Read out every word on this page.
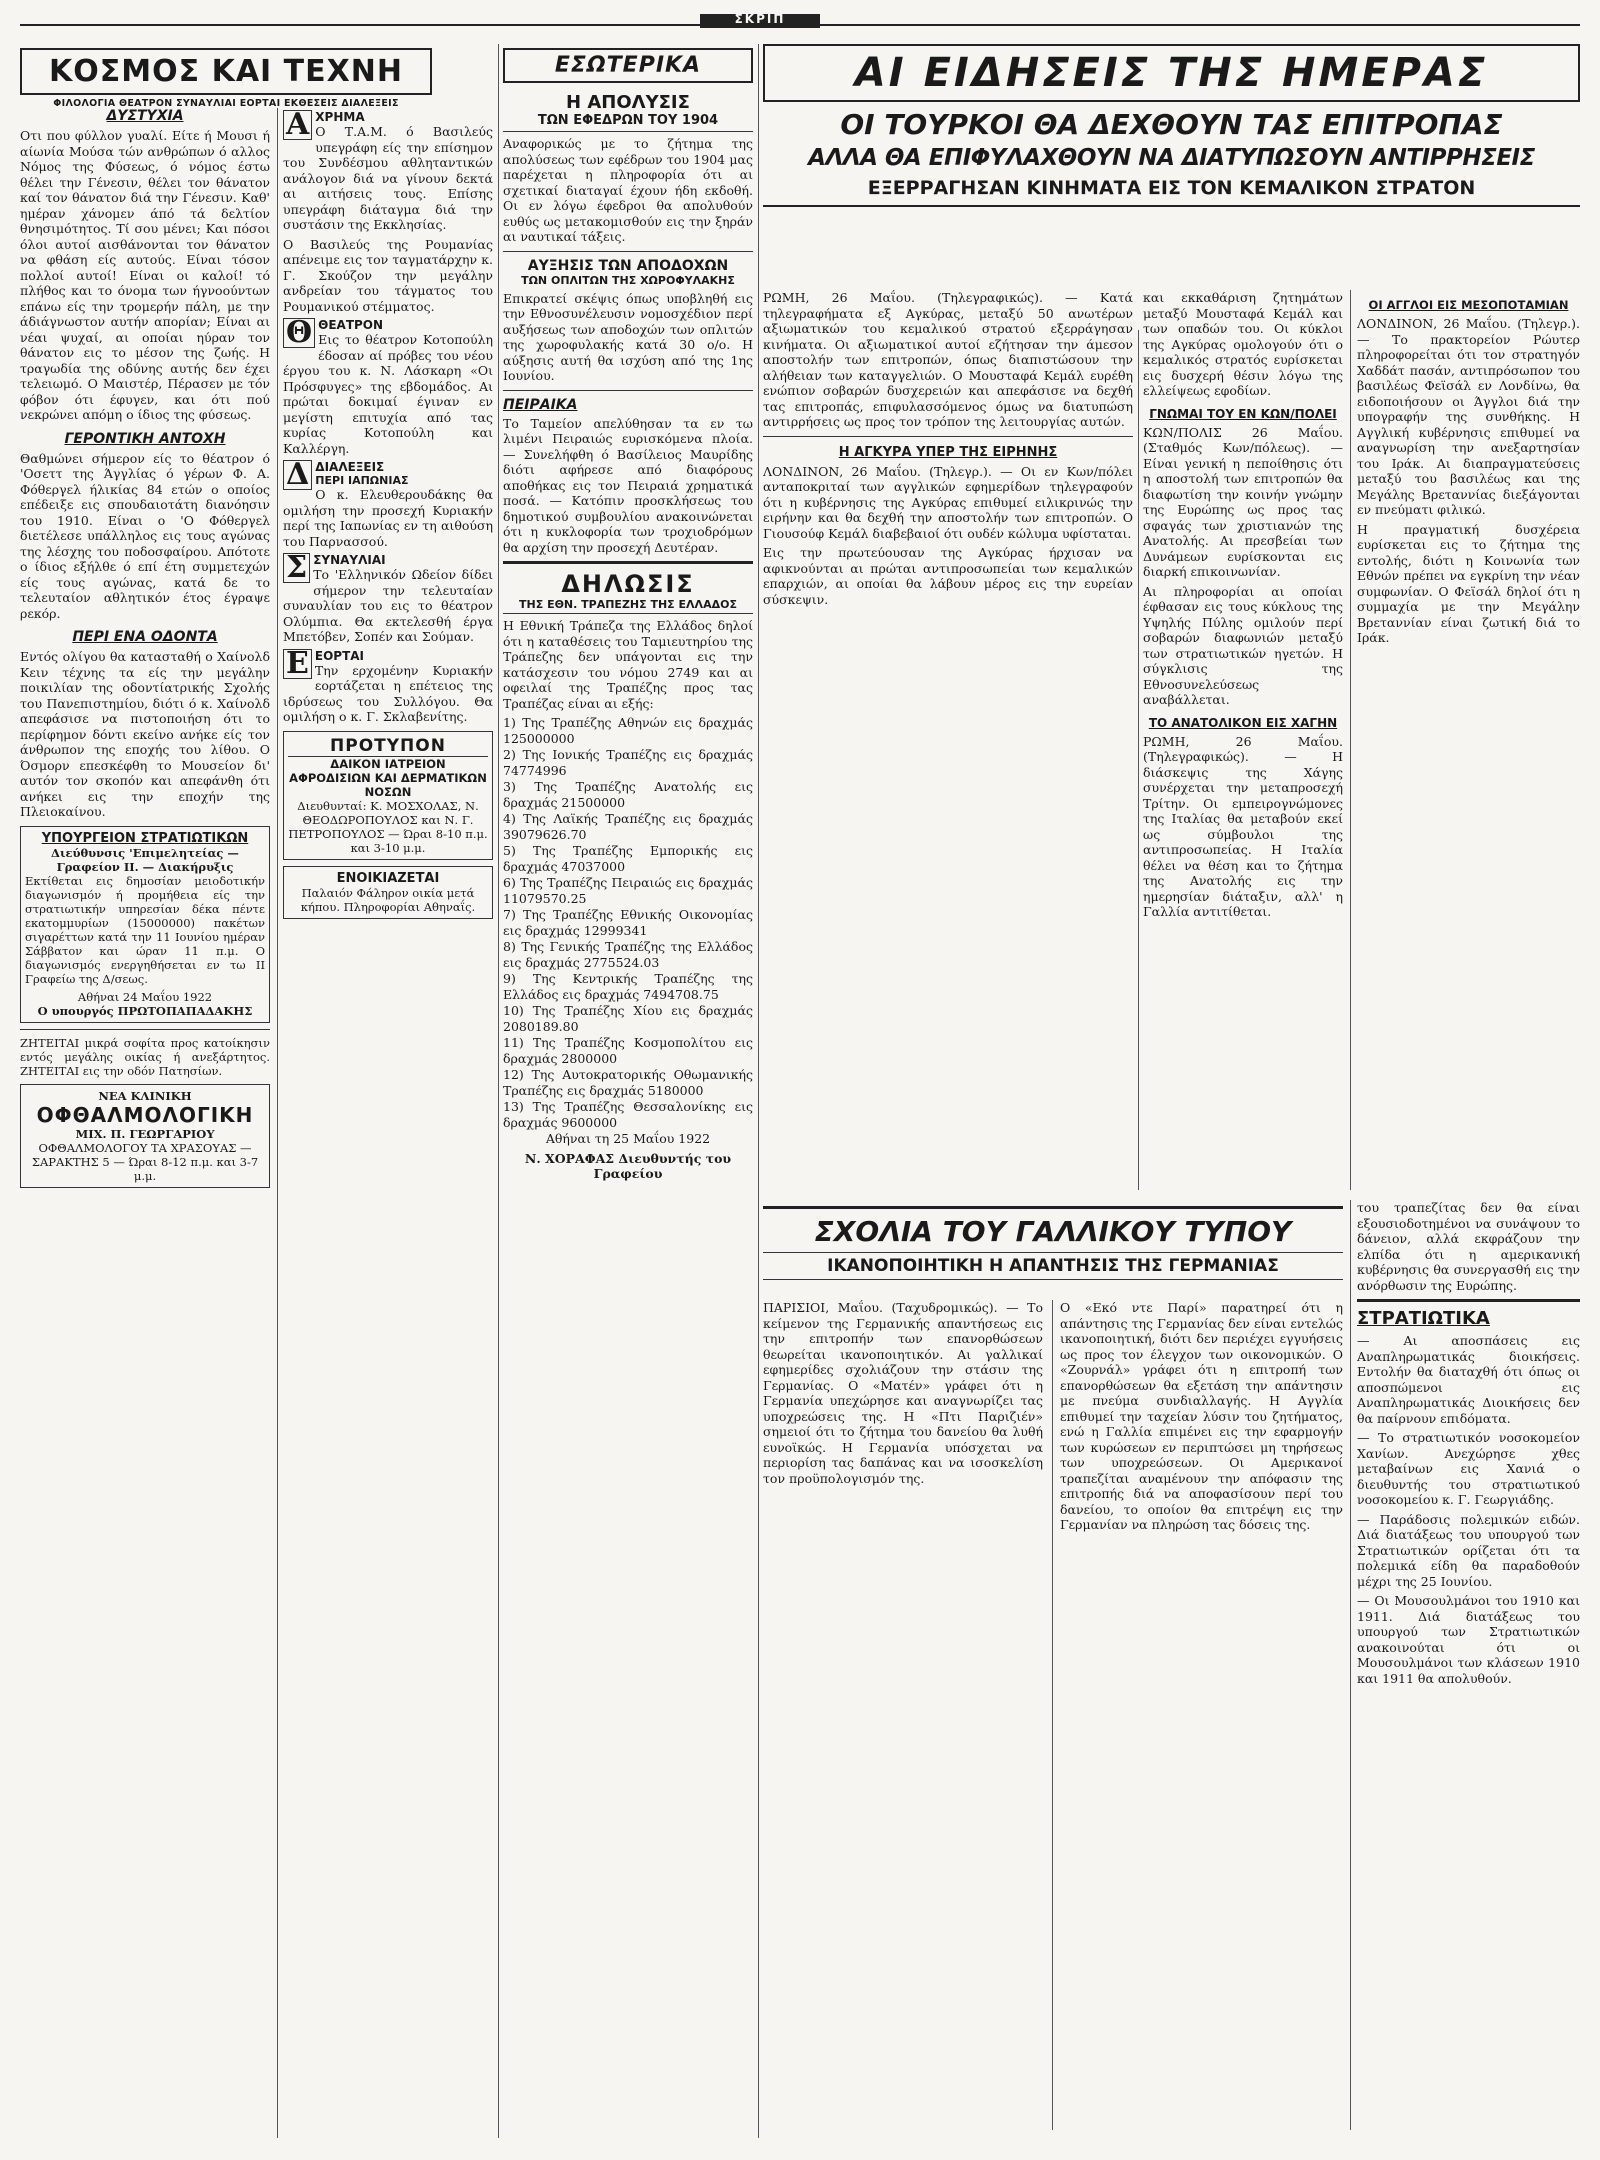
ΣΚΡΙΠ
ΚΟΣΜΟΣ ΚΑΙ ΤΕΧΝΗ
ΦΙΛΟΛΟΓΙΑ ΘΕΑΤΡΟΝ ΣΥΝΑΥΛΙΑΙ ΕΟΡΤΑΙ ΕΚΘΕΣΕΙΣ ΔΙΑΛΕΞΕΙΣ
ΕΣΩΤΕΡΙΚΑ	ΑΙ ΕΙΔΗΣΕΙΣ ΤΗΣ ΗΜΕΡΑΣ
ΔΥΣΤΥΧΙΑ

Οτι που φύλλον γυαλί. Είτε ή Μουσι ή αίωνία Μούσα τών ανθρώπων ό αλλος Νόμος της Φύσεως, ό νόμος έστω θέλει την Γένεσιν, θέλει τον θάνατον καί τον θάνατον διά την Γένεσιν. Καθ' ημέραν χάνομεν άπό τά δελτίον θνησιμότητος. Τί σου μένει; Και πόσοι όλοι αυτοί αισθάνονται τον θάνατον να φθάση είς αυτούς. Είναι τόσον πολλοί αυτοί! Είναι οι καλοί! τό πλήθος και το όνομα των ήγνοούντων επάνω είς την τρομερήν πάλη, με την άδιάγνωστον αυτήν απορίαν; Είναι αι νέαι ψυχαί, αι οποίαι ηύραν τον θάνατον εις το μέσον της ζωής. Η τραγωδία της οδύνης αυτής δεν έχει τελειωμό. Ο Μαιστέρ, Πέρασεν με τόν φόβον ότι έφυγεν, και ότι πού νεκρώνει απόμη ο ίδιος της φύσεως.

ΓΕΡΟΝΤΙΚΗ ΑΝΤΟΧΗ

Θαθμώνει σήμερον είς το θέατρον ό 'Οσεττ της Άγγλίας ό γέρων Φ. Α. Φόθεργελ ήλικίας 84 ετών ο οποίος επέδειξε εις σπουδαιοτάτη διανόησιν του 1910. Είναι ο 'Ο Φόθεργελ διετέλεσε υπάλληλος εις τους αγώνας της λέσχης του ποδοσφαίρου. Απότοτε ο ίδιος εξήλθε ό επί έτη συμμετεχών είς τους αγώνας, κατά δε το τελευταίον αθλητικόν έτος έγραψε ρεκόρ.

ΠΕΡΙ ΕΝΑ ΟΔΟΝΤΑ

Εντός ολίγου θα κατασταθή ο Χαίνολδ Κειν τέχνης τα είς την μεγάλην ποικιλίαν της οδοντίατρικής Σχολής του Πανεπιστημίου, διότι ό κ. Χαίνολδ απεφάσισε να πιστοποιήση ότι το περίφημον δόντι εκείνο ανήκε είς τον άνθρωπον της εποχής του λίθου. Ο Όσμορν επεσκέφθη το Μουσείον δι' αυτόν τον σκοπόν και απεφάνθη ότι ανήκει εις την εποχήν της Πλειοκαίνου.

ΥΠΟΥΡΓΕΙΟΝ ΣΤΡΑΤΙΩΤΙΚΩΝ
Διεύθυνσις 'Επιμελητείας — Γραφείον ΙΙ. — Διακήρυξις

Εκτίθεται εις δημοσίαν μειοδοτικήν διαγωνισμόν ή προμήθεια είς την στρατιωτικήν υπηρεσίαν δέκα πέντε εκατομμυρίων (15000000) πακέτων σιγαρέττων κατά την 11 Ιουνίου ημέραν Σάββατον και ώραν 11 π.μ. Ο διαγωνισμός ενεργηθήσεται εν τω ΙΙ Γραφείω της Δ/σεως.

Αθήναι 24 Μαΐου 1922
Ο υπουργός ΠΡΩΤΟΠΑΠΑΔΑΚΗΣ

ΖΗΤΕΙΤΑΙ μικρά σοφίτα προς κατοίκησιν εντός μεγάλης οικίας ή ανεξάρτητος. ΖΗΤΕΙΤΑΙ εις την οδόν Πατησίων.

ΝΕΑ ΚΛΙΝΙΚΗ
ΟΦΘΑΛΜΟΛΟΓΙΚΗ
ΜΙΧ. Π. ΓΕΩΡΓΑΡΙΟΥ
ΟΦΘΑΛΜΟΛΟΓΟΥ ΤΑ ΧΡΑΣΟΥΑΣ — ΣΑΡΑΚΤΗΣ 5 — Ώραι 8-12 π.μ. και 3-7 μ.μ.
Α ΧΡΗΜΑ

Ο Τ.Α.Μ. ό Βασιλεύς υπεγράφη είς την επίσημον του Συνδέσμου αθληταντικών ανάλογον διά να γίνουν δεκτά αι αιτήσεις τους. Επίσης υπεγράφη διάταγμα διά την συστάσιν της Εκκλησίας.

Ο Βασιλεύς της Ρουμανίας απένειμε εις τον ταγματάρχην κ. Γ. Σκούζον την μεγάλην ανδρείαν του τάγματος του Ρουμανικού στέμματος.

Θ ΘΕΑΤΡΟΝ

Εις το θέατρον Κοτοπούλη έδοσαν αί πρόβες του νέου έργου του κ. Ν. Λάσκαρη «Οι Πρόσφυγες» της εβδομάδος. Αι πρώται δοκιμαί έγιναν εν μεγίστη επιτυχία από τας κυρίας Κοτοπούλη και Καλλέργη.

Δ ΔΙΑΛΕΞΕΙΣ
ΠΕΡΙ ΙΑΠΩΝΙΑΣ

Ο κ. Ελευθερουδάκης θα ομιλήση την προσεχή Κυριακήν περί της Ιαπωνίας εν τη αιθούση του Παρνασσού.

Σ ΣΥΝΑΥΛΙΑΙ

Το 'Ελληνικόν Ωδείον δίδει σήμερον την τελευταίαν συναυλίαν του εις το θέατρον Ολύμπια. Θα εκτελεσθή έργα Μπετόβεν, Σοπέν και Σούμαν.

Ε ΕΟΡΤΑΙ

Την ερχομένην Κυριακήν εορτάζεται η επέτειος της ιδρύσεως του Συλλόγου. Θα ομιλήση ο κ. Γ. Σκλαβενίτης.

ΠΡΟΤΥΠΟΝ
ΔΑΙΚΟΝ ΙΑΤΡΕΙΟΝ ΑΦΡΟΔΙΣΙΩΝ ΚΑΙ ΔΕΡΜΑΤΙΚΩΝ ΝΟΣΩΝ
Διευθυνταί: Κ. ΜΟΣΧΟΛΑΣ, Ν. ΘΕΟΔΩΡΟΠΟΥΛΟΣ και Ν. Γ. ΠΕΤΡΟΠΟΥΛΟΣ — Ώραι 8-10 π.μ. και 3-10 μ.μ.
ΕΝΟΙΚΙΑΖΕΤΑΙ
Παλαιόν Φάληρον οικία μετά κήπου. Πληροφορίαι Αθηναΐς.
Η ΑΠΟΛΥΣΙΣ
ΤΩΝ ΕΦΕΔΡΩΝ ΤΟΥ 1904

Αναφορικώς με το ζήτημα της απολύσεως των εφέδρων του 1904 μας παρέχεται η πληροφορία ότι αι σχετικαί διαταγαί έχουν ήδη εκδοθή. Οι εν λόγω έφεδροι θα απολυθούν ευθύς ως μετακομισθούν εις την ξηράν αι ναυτικαί τάξεις.

ΑΥΞΗΣΙΣ ΤΩΝ ΑΠΟΔΟΧΩΝ
ΤΩΝ ΟΠΛΙΤΩΝ ΤΗΣ ΧΩΡΟΦΥΛΑΚΗΣ

Επικρατεί σκέψις όπως υποβληθή εις την Εθνοσυνέλευσιν νομοσχέδιον περί αυξήσεως των αποδοχών των οπλιτών της χωροφυλακής κατά 30 ο/ο. Η αύξησις αυτή θα ισχύση από της 1ης Ιουνίου.

ΠΕΙΡΑΙΚΑ

Το Ταμείον απελύθησαν τα εν τω λιμένι Πειραιώς ευρισκόμενα πλοία. — Συνελήφθη ό Βασίλειος Μαυρίδης διότι αφήρεσε από διαφόρους αποθήκας εις τον Πειραιά χρηματικά ποσά. — Κατόπιν προσκλήσεως του δημοτικού συμβουλίου ανακοινώνεται ότι η κυκλοφορία των τροχιοδρόμων θα αρχίση την προσεχή Δευτέραν.

ΔΗΛΩΣΙΣ
ΤΗΣ ΕΘΝ. ΤΡΑΠΕΖΗΣ ΤΗΣ ΕΛΛΑΔΟΣ

Η Εθνική Τράπεζα της Ελλάδος δηλοί ότι η καταθέσεις του Ταμιευτηρίου της Τράπεζης δεν υπάγονται εις την κατάσχεσιν του νόμου 2749 και αι οφειλαί της Τραπέζης προς τας Τραπέζας είναι αι εξής:

1) Της Τραπέζης Αθηνών εις δραχμάς 125000000

2) Της Ιονικής Τραπέζης εις δραχμάς 74774996

3) Της Τραπέζης Ανατολής εις δραχμάς 21500000

4) Της Λαϊκής Τραπέζης εις δραχμάς 39079626.70

5) Της Τραπέζης Εμπορικής εις δραχμάς 47037000

6) Της Τραπέζης Πειραιώς εις δραχμάς 11079570.25

7) Της Τραπέζης Εθνικής Οικονομίας εις δραχμάς 12999341

8) Της Γενικής Τραπέζης της Ελλάδος εις δραχμάς 2775524.03

9) Της Κεντρικής Τραπέζης της Ελλάδος εις δραχμάς 7494708.75

10) Της Τραπέζης Χίου εις δραχμάς 2080189.80

11) Της Τραπέζης Κοσμοπολίτου εις δραχμάς 2800000

12) Της Αυτοκρατορικής Οθωμανικής Τραπέζης εις δραχμάς 5180000

13) Της Τραπέζης Θεσσαλονίκης εις δραχμάς 9600000

Αθήναι τη 25 Μαΐου 1922

Ν. ΧΟΡΑΦΑΣ Διευθυντής του Γραφείου

ΟΙ ΤΟΥΡΚΟΙ ΘΑ ΔΕΧΘΟΥΝ ΤΑΣ ΕΠΙΤΡΟΠΑΣ
ΑΛΛΑ ΘΑ ΕΠΙΦΥΛΑΧΘΟΥΝ ΝΑ ΔΙΑΤΥΠΩΣΟΥΝ ΑΝΤΙΡΡΗΣΕΙΣ
ΕΞΕΡΡΑΓΗΣΑΝ ΚΙΝΗΜΑΤΑ ΕΙΣ ΤΟΝ ΚΕΜΑΛΙΚΟΝ ΣΤΡΑΤΟΝ

ΡΩΜΗ, 26 Μαΐου. (Τηλεγραφικώς). — Κατά τηλεγραφήματα εξ Αγκύρας, μεταξύ 50 ανωτέρων αξιωματικών του κεμαλικού στρατού εξερράγησαν κινήματα. Οι αξιωματικοί αυτοί εζήτησαν την άμεσον αποστολήν των επιτροπών, όπως διαπιστώσουν την αλήθειαν των καταγγελιών. Ο Μουσταφά Κεμάλ ευρέθη ενώπιον σοβαρών δυσχερειών και απεφάσισε να δεχθή τας επιτροπάς, επιφυλασσόμενος όμως να διατυπώση αντιρρήσεις ως προς τον τρόπον της λειτουργίας αυτών.

Η ΑΓΚΥΡΑ ΥΠΕΡ ΤΗΣ ΕΙΡΗΝΗΣ

ΛΟΝΔΙΝΟΝ, 26 Μαΐου. (Τηλεγρ.). — Οι εν Κων/πόλει ανταποκριταί των αγγλικών εφημερίδων τηλεγραφούν ότι η κυβέρνησις της Αγκύρας επιθυμεί ειλικρινώς την ειρήνην και θα δεχθή την αποστολήν των επιτροπών. Ο Γιουσούφ Κεμάλ διαβεβαιοί ότι ουδέν κώλυμα υφίσταται.

Εις την πρωτεύουσαν της Αγκύρας ήρχισαν να αφικνούνται αι πρώται αντιπροσωπείαι των κεμαλικών επαρχιών, αι οποίαι θα λάβουν μέρος εις την ευρείαν σύσκεψιν.

και εκκαθάριση ζητημάτων μεταξύ Μουσταφά Κεμάλ και των οπαδών του. Οι κύκλοι της Αγκύρας ομολογούν ότι ο κεμαλικός στρατός ευρίσκεται εις δυσχερή θέσιν λόγω της ελλείψεως εφοδίων.

ΓΝΩΜΑΙ ΤΟΥ ΕΝ ΚΩΝ/ΠΟΛΕΙ

ΚΩΝ/ΠΟΛΙΣ 26 Μαΐου. (Σταθμός Κων/πόλεως). — Είναι γενική η πεποίθησις ότι η αποστολή των επιτροπών θα διαφωτίση την κοινήν γνώμην της Ευρώπης ως προς τας σφαγάς των χριστιανών της Ανατολής. Αι πρεσβείαι των Δυνάμεων ευρίσκονται εις διαρκή επικοινωνίαν.

Αι πληροφορίαι αι οποίαι έφθασαν εις τους κύκλους της Υψηλής Πύλης ομιλούν περί σοβαρών διαφωνιών μεταξύ των στρατιωτικών ηγετών. Η σύγκλισις της Εθνοσυνελεύσεως αναβάλλεται.

ΤΟ ΑΝΑΤΟΛΙΚΟΝ ΕΙΣ ΧΑΓΗΝ

ΡΩΜΗ, 26 Μαΐου. (Τηλεγραφικώς). — Η διάσκεψις της Χάγης συνέρχεται την μεταπροσεχή Τρίτην. Οι εμπειρογνώμονες της Ιταλίας θα μεταβούν εκεί ως σύμβουλοι της αντιπροσωπείας. Η Ιταλία θέλει να θέση και το ζήτημα της Ανατολής εις την ημερησίαν διάταξιν, αλλ' η Γαλλία αντιτίθεται.

ΟΙ ΑΓΓΛΟΙ ΕΙΣ ΜΕΣΟΠΟΤΑΜΙΑΝ

ΛΟΝΔΙΝΟΝ, 26 Μαΐου. (Τηλεγρ.). — Το πρακτορείον Ρώυτερ πληροφορείται ότι τον στρατηγόν Χαδδάτ πασάν, αντιπρόσωπον του βασιλέως Φεϊσάλ εν Λονδίνω, θα ειδοποιήσουν οι Άγγλοι διά την υπογραφήν της συνθήκης. Η Αγγλική κυβέρνησις επιθυμεί να αναγνωρίση την ανεξαρτησίαν του Ιράκ. Αι διαπραγματεύσεις μεταξύ του βασιλέως και της Μεγάλης Βρεταννίας διεξάγονται εν πνεύματι φιλικώ.

Η πραγματική δυσχέρεια ευρίσκεται εις το ζήτημα της εντολής, διότι η Κοινωνία των Εθνών πρέπει να εγκρίνη την νέαν συμφωνίαν. Ο Φεϊσάλ δηλοί ότι η συμμαχία με την Μεγάλην Βρεταννίαν είναι ζωτική διά το Ιράκ.

ΣΧΟΛΙΑ ΤΟΥ ΓΑΛΛΙΚΟΥ ΤΥΠΟΥ
ΙΚΑΝΟΠΟΙΗΤΙΚΗ Η ΑΠΑΝΤΗΣΙΣ ΤΗΣ ΓΕΡΜΑΝΙΑΣ

ΠΑΡΙΣΙΟΙ, Μαΐου. (Ταχυδρομικώς). — Το κείμενον της Γερμανικής απαντήσεως εις την επιτροπήν των επανορθώσεων θεωρείται ικανοποιητικόν. Αι γαλλικαί εφημερίδες σχολιάζουν την στάσιν της Γερμανίας. Ο «Ματέν» γράφει ότι η Γερμανία υπεχώρησε και αναγνωρίζει τας υποχρεώσεις της. Η «Πτι Παριζιέν» σημειοί ότι το ζήτημα του δανείου θα λυθή ευνοϊκώς. Η Γερμανία υπόσχεται να περιορίση τας δαπάνας και να ισοσκελίση τον προϋπολογισμόν της.

Ο «Εκό ντε Παρί» παρατηρεί ότι η απάντησις της Γερμανίας δεν είναι εντελώς ικανοποιητική, διότι δεν περιέχει εγγυήσεις ως προς τον έλεγχον των οικονομικών. Ο «Ζουρνάλ» γράφει ότι η επιτροπή των επανορθώσεων θα εξετάση την απάντησιν με πνεύμα συνδιαλλαγής. Η Αγγλία επιθυμεί την ταχείαν λύσιν του ζητήματος, ενώ η Γαλλία επιμένει εις την εφαρμογήν των κυρώσεων εν περιπτώσει μη τηρήσεως των υποχρεώσεων. Οι Αμερικανοί τραπεζίται αναμένουν την απόφασιν της επιτροπής διά να αποφασίσουν περί του δανείου, το οποίον θα επιτρέψη εις την Γερμανίαν να πληρώση τας δόσεις της.

του τραπεζίτας δεν θα είναι εξουσιοδοτημένοι να συνάψουν το δάνειον, αλλά εκφράζουν την ελπίδα ότι η αμερικανική κυβέρνησις θα συνεργασθή εις την ανόρθωσιν της Ευρώπης.

ΣΤΡΑΤΙΩΤΙΚΑ

— Αι αποσπάσεις εις Αναπληρωματικάς διοικήσεις. Εντολήν θα διαταχθή ότι όπως οι αποσπώμενοι εις Αναπληρωματικάς Διοικήσεις δεν θα παίρνουν επιδόματα.

— Το στρατιωτικόν νοσοκομείον Χανίων. Ανεχώρησε χθες μεταβαίνων εις Χανιά ο διευθυντής του στρατιωτικού νοσοκομείου κ. Γ. Γεωργιάδης.

— Παράδοσις πολεμικών ειδών. Διά διατάξεως του υπουργού των Στρατιωτικών ορίζεται ότι τα πολεμικά είδη θα παραδοθούν μέχρι της 25 Ιουνίου.

— Οι Μουσουλμάνοι του 1910 και 1911. Διά διατάξεως του υπουργού των Στρατιωτικών ανακοινούται ότι οι Μουσουλμάνοι των κλάσεων 1910 και 1911 θα απολυθούν.
